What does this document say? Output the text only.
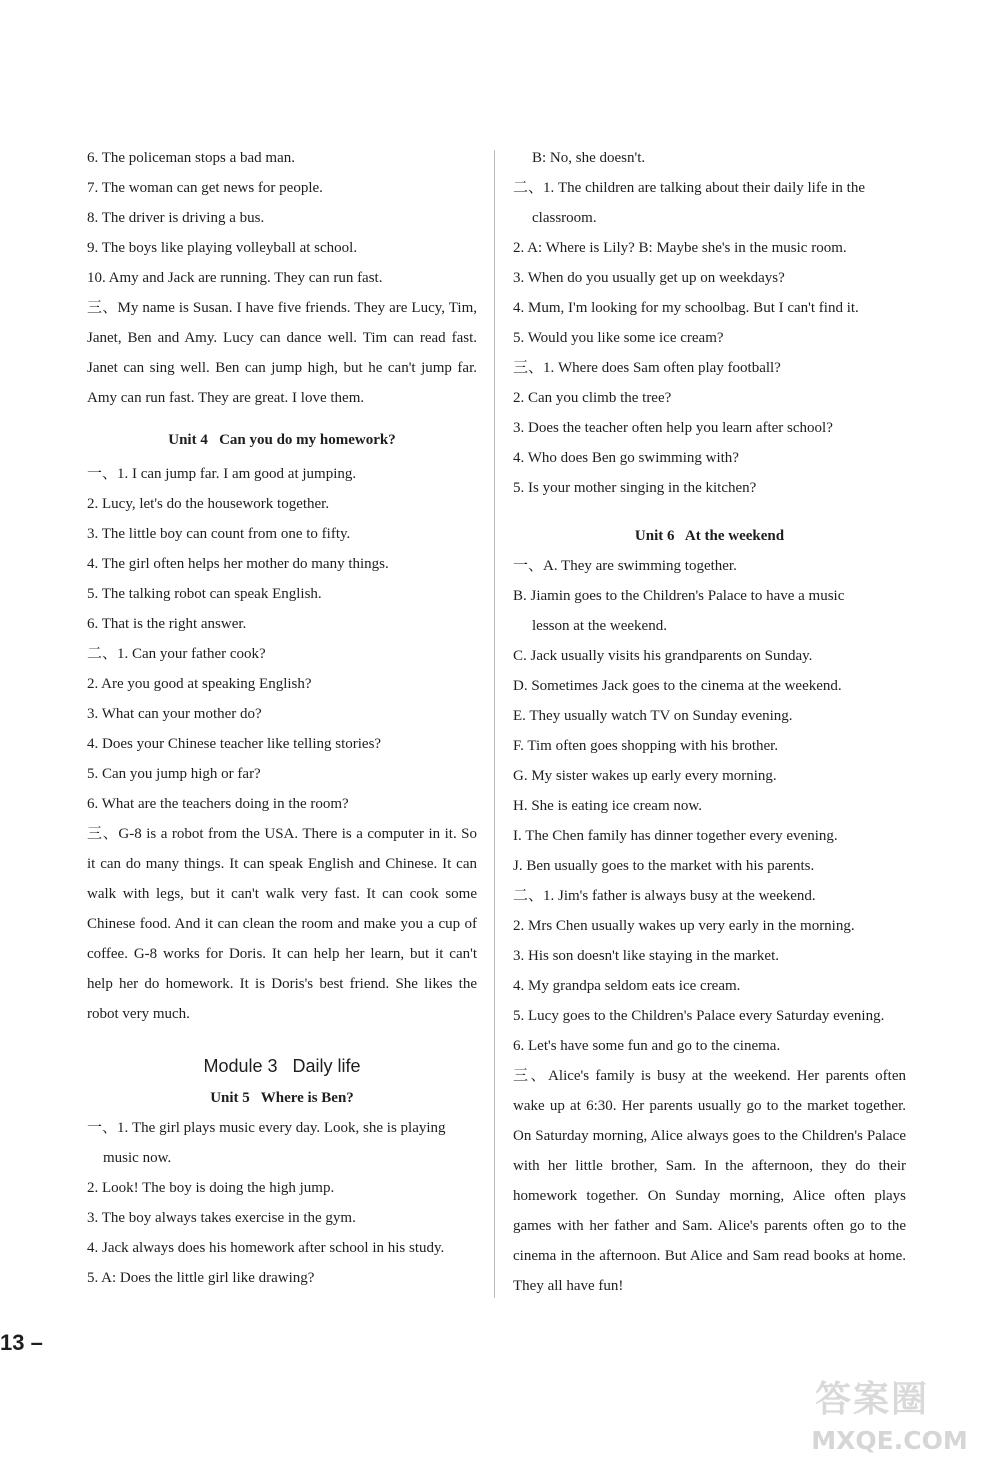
6. The policeman stops a bad man.
7. The woman can get news for people.
8. The driver is driving a bus.
9. The boys like playing volleyball at school.
10. Amy and Jack are running. They can run fast.

三、My name is Susan. I have five friends. They are Lucy, Tim, Janet, Ben and Amy. Lucy can dance well. Tim can read fast. Janet can sing well. Ben can jump high, but he can't jump far. Amy can run fast. They are great. I love them.

Unit 4   Can you do my homework?
一、1. I can jump far. I am good at jumping.
2. Lucy, let's do the housework together.
3. The little boy can count from one to fifty.
4. The girl often helps her mother do many things.
5. The talking robot can speak English.
6. That is the right answer.
二、1. Can your father cook?
2. Are you good at speaking English?
3. What can your mother do?
4. Does your Chinese teacher like telling stories?
5. Can you jump high or far?
6. What are the teachers doing in the room?

三、G-8 is a robot from the USA. There is a computer in it. So it can do many things. It can speak English and Chinese. It can walk with legs, but it can't walk very fast. It can cook some Chinese food. And it can clean the room and make you a cup of coffee. G-8 works for Doris. It can help her learn, but it can't help her do homework. It is Doris's best friend. She likes the robot very much.

Module 3   Daily life
Unit 5   Where is Ben?
一、1. The girl plays music every day. Look, she is playing
music now.
2. Look! The boy is doing the high jump.
3. The boy always takes exercise in the gym.
4. Jack always does his homework after school in his study.
5. A: Does the little girl like drawing?
B: No, she doesn't.
二、1. The children are talking about their daily life in the
classroom.
2. A: Where is Lily? B: Maybe she's in the music room.
3. When do you usually get up on weekdays?
4. Mum, I'm looking for my schoolbag. But I can't find it.
5. Would you like some ice cream?
三、1. Where does Sam often play football?
2. Can you climb the tree?
3. Does the teacher often help you learn after school?
4. Who does Ben go swimming with?
5. Is your mother singing in the kitchen?
Unit 6   At the weekend
一、A. They are swimming together.
B. Jiamin goes to the Children's Palace to have a music
lesson at the weekend.
C. Jack usually visits his grandparents on Sunday.
D. Sometimes Jack goes to the cinema at the weekend.
E. They usually watch TV on Sunday evening.
F. Tim often goes shopping with his brother.
G. My sister wakes up early every morning.
H. She is eating ice cream now.
I. The Chen family has dinner together every evening.
J. Ben usually goes to the market with his parents.
二、1. Jim's father is always busy at the weekend.
2. Mrs Chen usually wakes up very early in the morning.
3. His son doesn't like staying in the market.
4. My grandpa seldom eats ice cream.
5. Lucy goes to the Children's Palace every Saturday evening.
6. Let's have some fun and go to the cinema.

三、Alice's family is busy at the weekend. Her parents often wake up at 6:30. Her parents usually go to the market together. On Saturday morning, Alice always goes to the Children's Palace with her little brother, Sam. In the afternoon, they do their homework together. On Sunday morning, Alice often plays games with her father and Sam. Alice's parents often go to the cinema in the afternoon. But Alice and Sam read books at home. They all have fun!

13 –
答案圈
MXQE.COM
